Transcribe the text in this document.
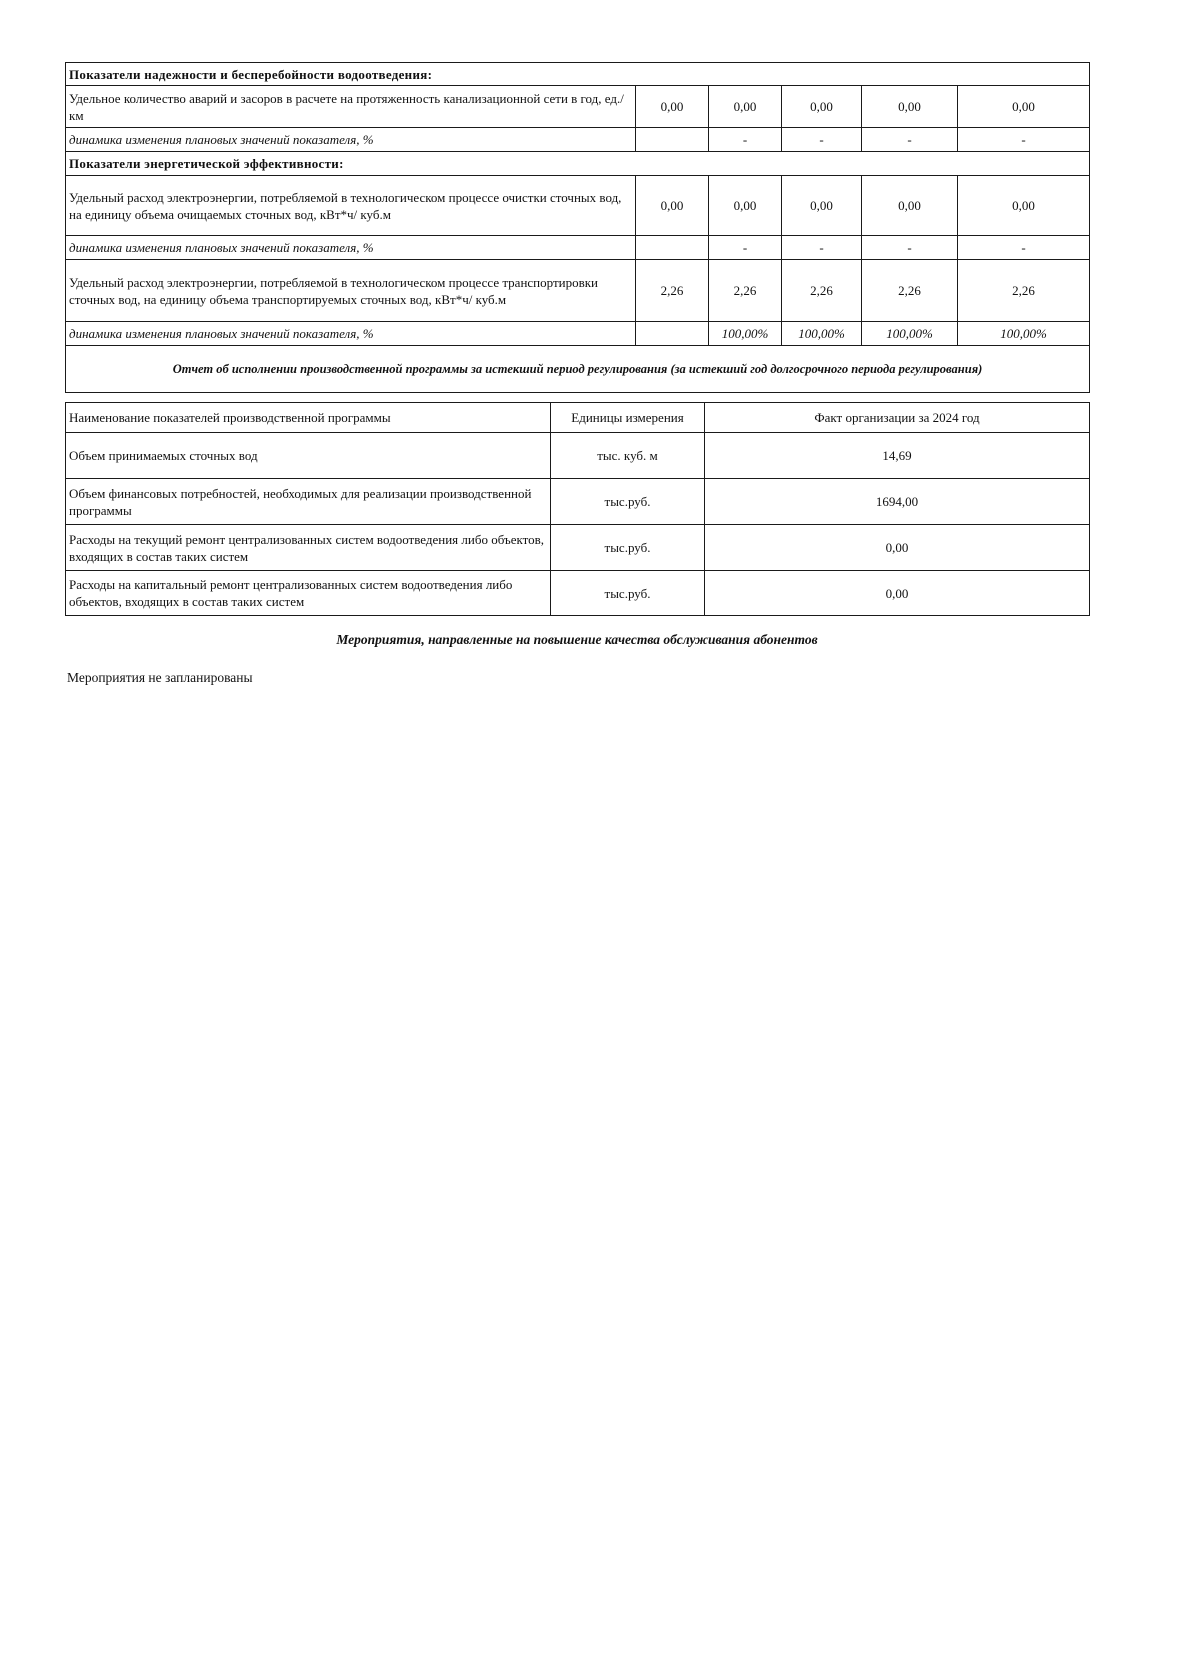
Показатели надежности и бесперебойности водоотведения:					
Удельное количество аварий и засоров в расчете на протяженность канализационной сети в год, ед./км	0,00	0,00	0,00	0,00	0,00
динамика изменения плановых значений показателя, %		-	-	-	-
Показатели энергетической эффективности:					
Удельный расход электроэнергии, потребляемой в технологическом процессе очистки сточных вод, на единицу объема очищаемых сточных вод, кВт*ч/ куб.м	0,00	0,00	0,00	0,00	0,00
динамика изменения плановых значений показателя, %		-	-	-	-
Удельный расход электроэнергии, потребляемой в технологическом процессе транспортировки сточных вод, на единицу объема транспортируемых сточных вод, кВт*ч/ куб.м	2,26	2,26	2,26	2,26	2,26
динамика изменения плановых значений показателя, %		100,00%	100,00%	100,00%	100,00%
Отчет об исполнении производственной программы за истекший период регулирования (за истекший год долгосрочного периода регулирования)					
Наименование показателей производственной программы	Единицы измерения	Факт организации за 2024 год
Объем принимаемых сточных вод	тыс. куб. м	14,69
Объем финансовых потребностей, необходимых для реализации производственной программы	тыс.руб.	1694,00
Расходы на текущий ремонт централизованных систем водоотведения либо объектов, входящих в состав таких систем	тыс.руб.	0,00
Расходы на капитальный ремонт централизованных систем водоотведения либо объектов, входящих в состав таких систем	тыс.руб.	0,00
Мероприятия, направленные на повышение качества обслуживания абонентов
Мероприятия не запланированы
